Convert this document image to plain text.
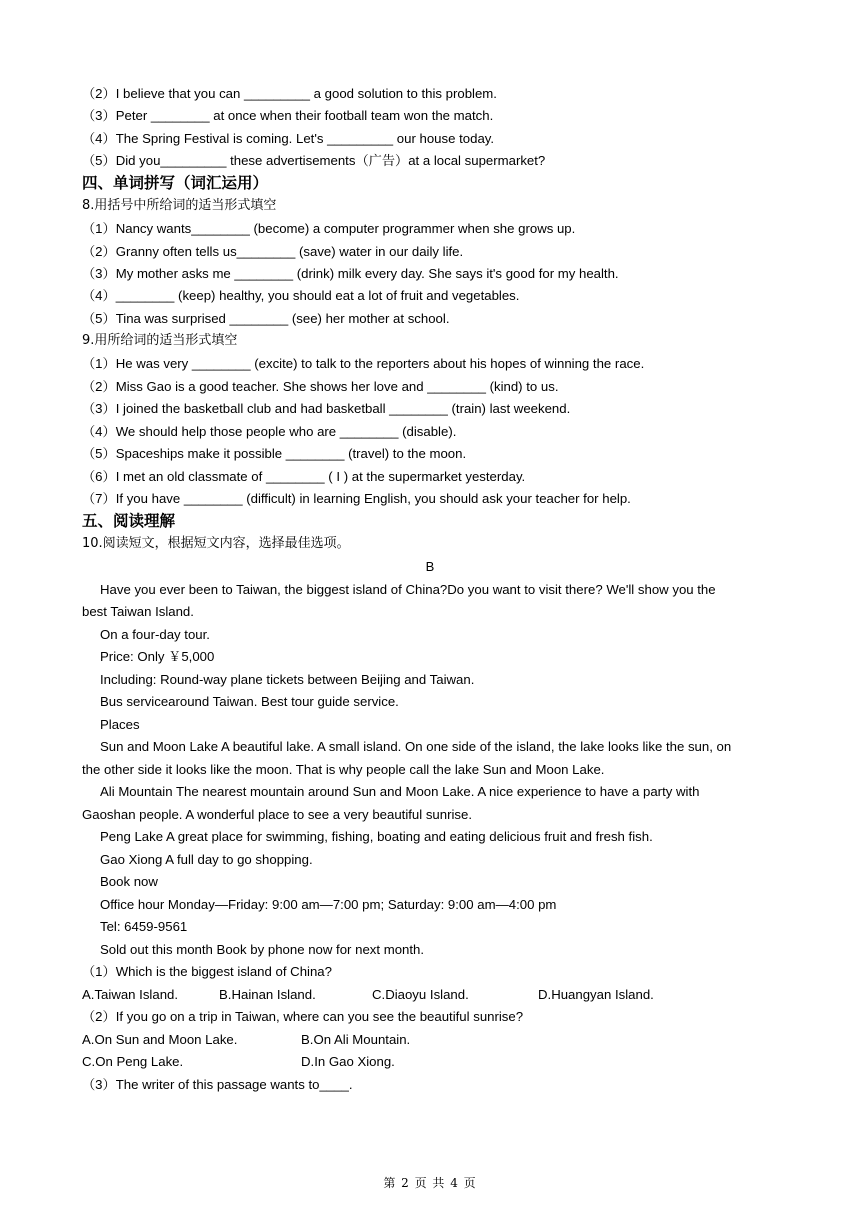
（2）I believe that you can _________ a good solution to this problem.
（3）Peter ________ at once when their football team won the match.
（4）The Spring Festival is coming. Let's _________ our house today.
（5）Did you_________ these advertisements（广告）at a local supermarket?
四、单词拼写（词汇运用）
8.用括号中所给词的适当形式填空
（1）Nancy wants________ (become) a computer programmer when she grows up.
（2）Granny often tells us________ (save) water in our daily life.
（3）My mother asks me ________ (drink) milk every day. She says it's good for my health.
（4）________ (keep) healthy, you should eat a lot of fruit and vegetables.
（5）Tina was surprised ________ (see) her mother at school.
9.用所给词的适当形式填空
（1）He was very ________ (excite) to talk to the reporters about his hopes of winning the race.
（2）Miss Gao is a good teacher. She shows her love and ________ (kind) to us.
（3）I joined the basketball club and had basketball ________ (train) last weekend.
（4）We should help those people who are ________ (disable).
（5）Spaceships make it possible ________ (travel) to the moon.
（6）I met an old classmate of ________ ( I ) at the supermarket yesterday.
（7）If you have ________ (difficult) in learning English, you should ask your teacher for help.
五、阅读理解
10.阅读短文，根据短文内容，选择最佳选项。
B
Have you ever been to Taiwan, the biggest island of China?Do you want to visit there? We'll show you the
best Taiwan Island.
On a four-day tour.
Price: Only ￥5,000
Including: Round-way plane tickets between Beijing and Taiwan.
Bus servicearound Taiwan. Best tour guide service.
Places
Sun and Moon Lake A beautiful lake. A small island. On one side of the island, the lake looks like the sun, on
the other side it looks like the moon. That is why people call the lake Sun and Moon Lake.
Ali Mountain The nearest mountain around Sun and Moon Lake. A nice experience to have a party with
Gaoshan people. A wonderful place to see a very beautiful sunrise.
Peng Lake A great place for swimming, fishing, boating and eating delicious fruit and fresh fish.
Gao Xiong A full day to go shopping.
Book now
Office hour Monday—Friday: 9:00 am—7:00 pm; Saturday: 9:00 am—4:00 pm
Tel: 6459-9561
Sold out this month Book by phone now for next month.
（1）Which is the biggest island of China?
A.Taiwan Island.	B.Hainan Island.	C.Diaoyu Island.	D.Huangyan Island.
（2）If you go on a trip in Taiwan, where can you see the beautiful sunrise?
A.On Sun and Moon Lake.	B.On Ali Mountain.
C.On Peng Lake.	D.In Gao Xiong.
（3）The writer of this passage wants to____.
第 2 页 共 4 页
